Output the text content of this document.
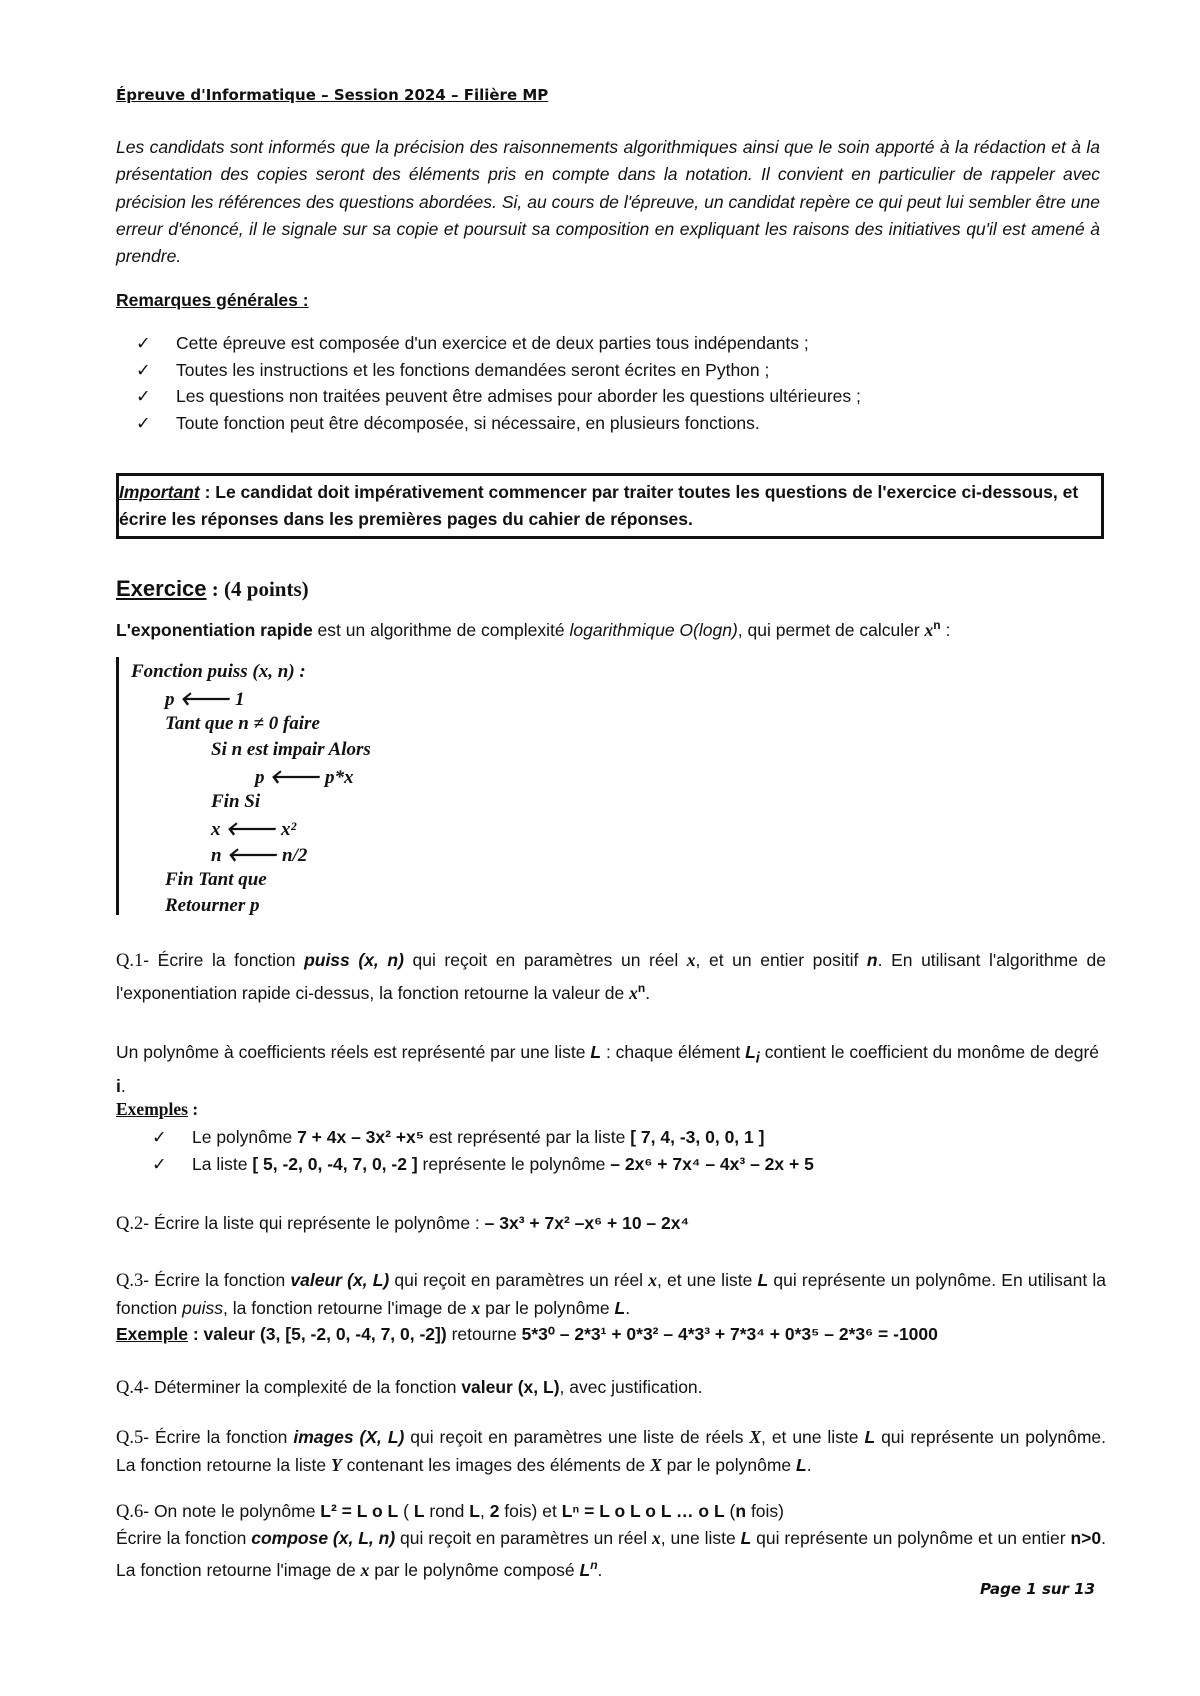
Épreuve d'Informatique – Session 2024 – Filière MP
Les candidats sont informés que la précision des raisonnements algorithmiques ainsi que le soin apporté à la rédaction et à la présentation des copies seront des éléments pris en compte dans la notation. Il convient en particulier de rappeler avec précision les références des questions abordées. Si, au cours de l'épreuve, un candidat repère ce qui peut lui sembler être une erreur d'énoncé, il le signale sur sa copie et poursuit sa composition en expliquant les raisons des initiatives qu'il est amené à prendre.
Remarques générales :
✓ Cette épreuve est composée d'un exercice et de deux parties tous indépendants ;
✓ Toutes les instructions et les fonctions demandées seront écrites en Python ;
✓ Les questions non traitées peuvent être admises pour aborder les questions ultérieures ;
✓ Toute fonction peut être décomposée, si nécessaire, en plusieurs fonctions.
Important : Le candidat doit impérativement commencer par traiter toutes les questions de l'exercice ci-dessous, et écrire les réponses dans les premières pages du cahier de réponses.
Exercice : (4 points)
L'exponentiation rapide est un algorithme de complexité logarithmique O(logn), qui permet de calculer $x^n$ :
Fonction puiss (x, n) :
p 🡐 1
Tant que n ≠ 0 faire
Si n est impair Alors
p 🡐 p*x
Fin Si
x 🡐 x²
n 🡐 n/2
Fin Tant que
Retourner p
Q.1- Écrire la fonction puiss (x, n) qui reçoit en paramètres un réel x, et un entier positif n. En utilisant l'algorithme de l'exponentiation rapide ci-dessus, la fonction retourne la valeur de $x^n$.
Un polynôme à coefficients réels est représenté par une liste L : chaque élément $L_i$ contient le coefficient du monôme de degré i.
Exemples :
✓ Le polynôme 7 + 4x – 3x² +x⁵ est représenté par la liste [ 7, 4, -3, 0, 0, 1 ]
✓ La liste [ 5, -2, 0, -4, 7, 0, -2 ] représente le polynôme – 2x⁶ + 7x⁴ – 4x³ – 2x + 5
Q.2- Écrire la liste qui représente le polynôme : – 3x³ + 7x² –x⁶ + 10 – 2x⁴
Q.3- Écrire la fonction valeur (x, L) qui reçoit en paramètres un réel x, et une liste L qui représente un polynôme. En utilisant la fonction puiss, la fonction retourne l'image de x par le polynôme L.
Exemple : valeur (3, [5, -2, 0, -4, 7, 0, -2]) retourne 5*3⁰ – 2*3¹ + 0*3² – 4*3³ + 7*3⁴ + 0*3⁵ – 2*3⁶ = -1000
Q.4- Déterminer la complexité de la fonction valeur (x, L), avec justification.
Q.5- Écrire la fonction images (X, L) qui reçoit en paramètres une liste de réels X, et une liste L qui représente un polynôme. La fonction retourne la liste Y contenant les images des éléments de X par le polynôme L.
Q.6- On note le polynôme L² = L o L ( L rond L, 2 fois) et Lⁿ = L o L o L … o L (n fois)
Écrire la fonction compose (x, L, n) qui reçoit en paramètres un réel x, une liste L qui représente un polynôme et un entier n>0. La fonction retourne l'image de x par le polynôme composé $L^n$.
Page 1 sur 13
